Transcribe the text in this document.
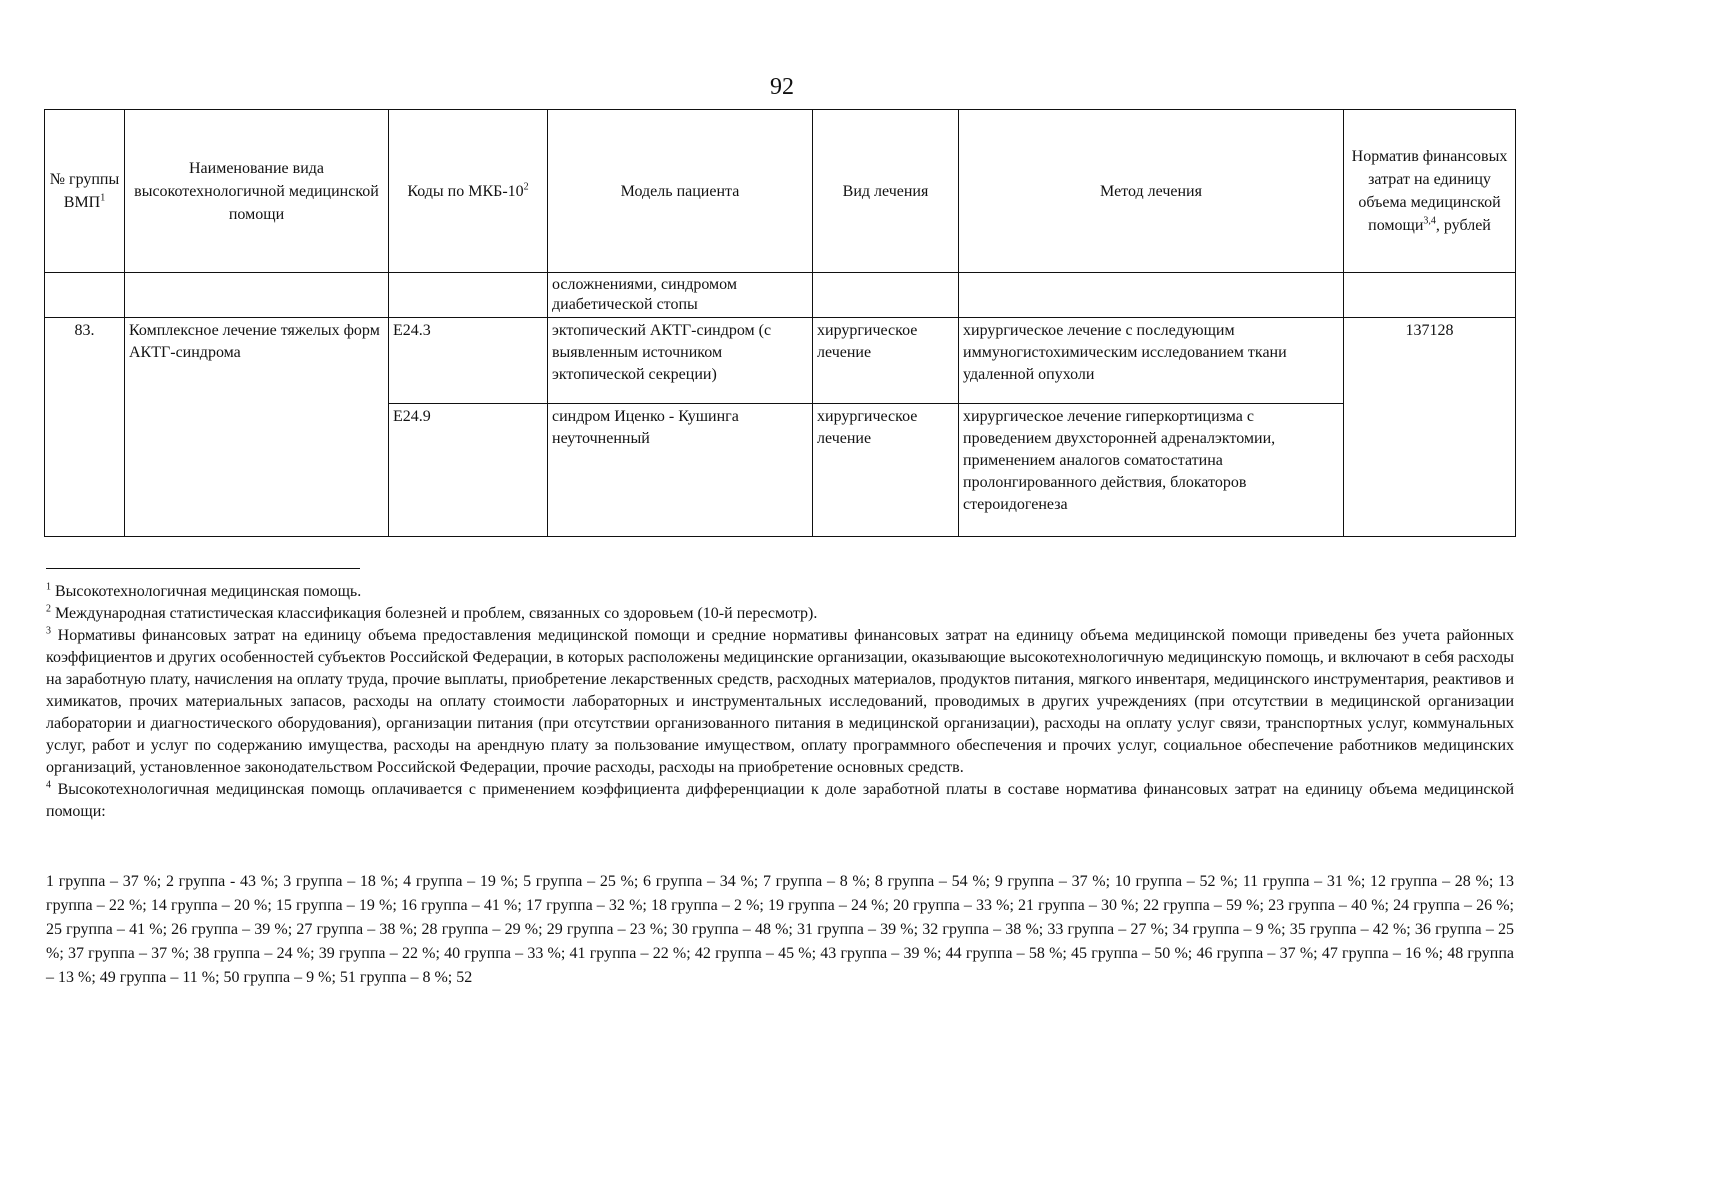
92
№ группы ВМП$^1$	Наименование вида высокотехнологичной медицинской помощи	Коды по МКБ-$10^2$	Модель пациента	Вид лечения	Метод лечения	Норматив финансовых затрат на единицу объема медицинской помощи$^{3,4}$, рублей
			осложнениями, синдромом диабетической стопы			
83.	Комплексное лечение тяжелых форм АКТГ-синдрома	E24.3	эктопический АКТГ-синдром (с выявленным источником эктопической секреции)	хирургическое лечение	хирургическое лечение с последующим иммуногистохимическим исследованием ткани удаленной опухоли	137128
		E24.9	синдром Иценко - Кушинга неуточненный	хирургическое лечение	хирургическое лечение гиперкортицизма с проведением двухсторонней адреналэктомии, применением аналогов соматостатина пролонгированного действия, блокаторов стероидогенеза	

$^1$ Высокотехнологичная медицинская помощь.

$^2$ Международная статистическая классификация болезней и проблем, связанных со здоровьем (10-й пересмотр).

$^3$ Нормативы финансовых затрат на единицу объема предоставления медицинской помощи и средние нормативы финансовых затрат на единицу объема медицинской помощи приведены без учета районных коэффициентов и других особенностей субъектов Российской Федерации, в которых расположены медицинские организации, оказывающие высокотехнологичную медицинскую помощь, и включают в себя расходы на заработную плату, начисления на оплату труда, прочие выплаты, приобретение лекарственных средств, расходных материалов, продуктов питания, мягкого инвентаря, медицинского инструментария, реактивов и химикатов, прочих материальных запасов, расходы на оплату стоимости лабораторных и инструментальных исследований, проводимых в других учреждениях (при отсутствии в медицинской организации лаборатории и диагностического оборудования), организации питания (при отсутствии организованного питания в медицинской организации), расходы на оплату услуг связи, транспортных услуг, коммунальных услуг, работ и услуг по содержанию имущества, расходы на арендную плату за пользование имуществом, оплату программного обеспечения и прочих услуг, социальное обеспечение работников медицинских организаций, установленное законодательством Российской Федерации, прочие расходы, расходы на приобретение основных средств.

$^4$ Высокотехнологичная медицинская помощь оплачивается с применением коэффициента дифференциации к доле заработной платы в составе норматива финансовых затрат на единицу объема медицинской помощи:

1 группа – 37 %; 2 группа - 43 %; 3 группа – 18 %; 4 группа – 19 %; 5 группа – 25 %; 6 группа – 34 %; 7 группа – 8 %; 8 группа – 54 %; 9 группа – 37 %; 10 группа – 52 %; 11 группа – 31 %; 12 группа – 28 %; 13 группа – 22 %; 14 группа – 20 %; 15 группа – 19 %; 16 группа – 41 %; 17 группа – 32 %; 18 группа – 2 %; 19 группа – 24 %; 20 группа – 33 %; 21 группа – 30 %; 22 группа – 59 %; 23 группа – 40 %; 24 группа – 26 %; 25 группа – 41 %; 26 группа – 39 %; 27 группа – 38 %; 28 группа – 29 %; 29 группа – 23 %; 30 группа – 48 %; 31 группа – 39 %; 32 группа – 38 %; 33 группа – 27 %; 34 группа – 9 %; 35 группа – 42 %; 36 группа – 25 %; 37 группа – 37 %; 38 группа – 24 %; 39 группа – 22 %; 40 группа – 33 %; 41 группа – 22 %; 42 группа – 45 %; 43 группа – 39 %; 44 группа – 58 %; 45 группа – 50 %; 46 группа – 37 %; 47 группа – 16 %; 48 группа – 13 %; 49 группа – 11 %; 50 группа – 9 %; 51 группа – 8 %; 52
